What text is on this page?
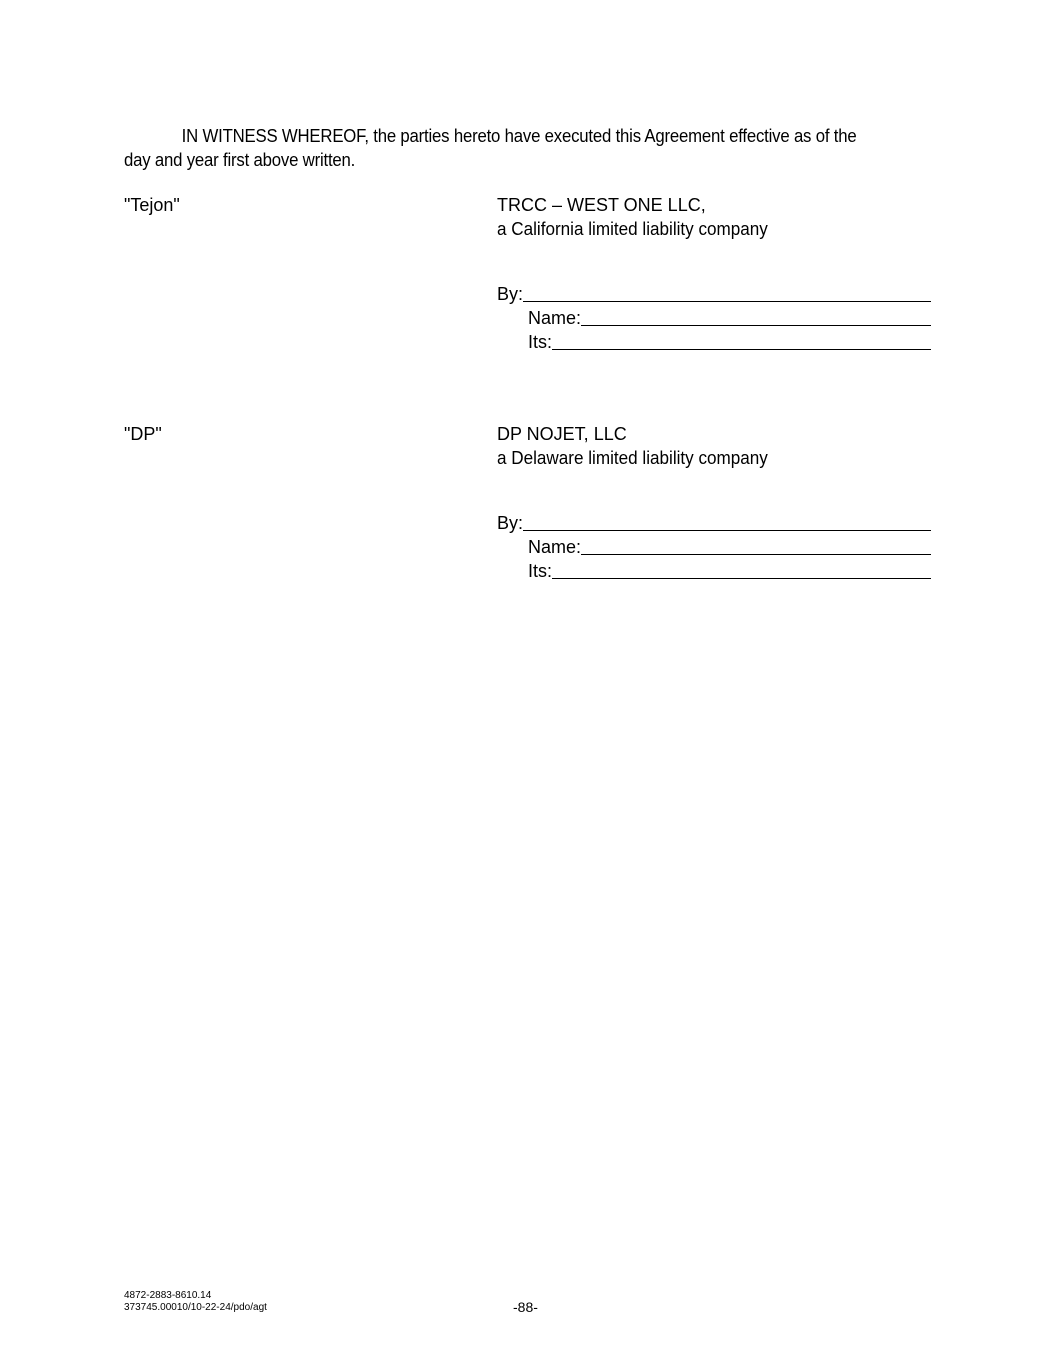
IN WITNESS WHEREOF, the parties hereto have executed this Agreement effective as of the day and year first above written.
"Tejon"	TRCC – WEST ONE LLC,
a California limited liability company
By:
Name:
Its:
"DP"	DP NOJET, LLC
a Delaware limited liability company
By:
Name:
Its:
4872-2883-8610.14
373745.00010/10-22-24/pdo/agt	-88-
